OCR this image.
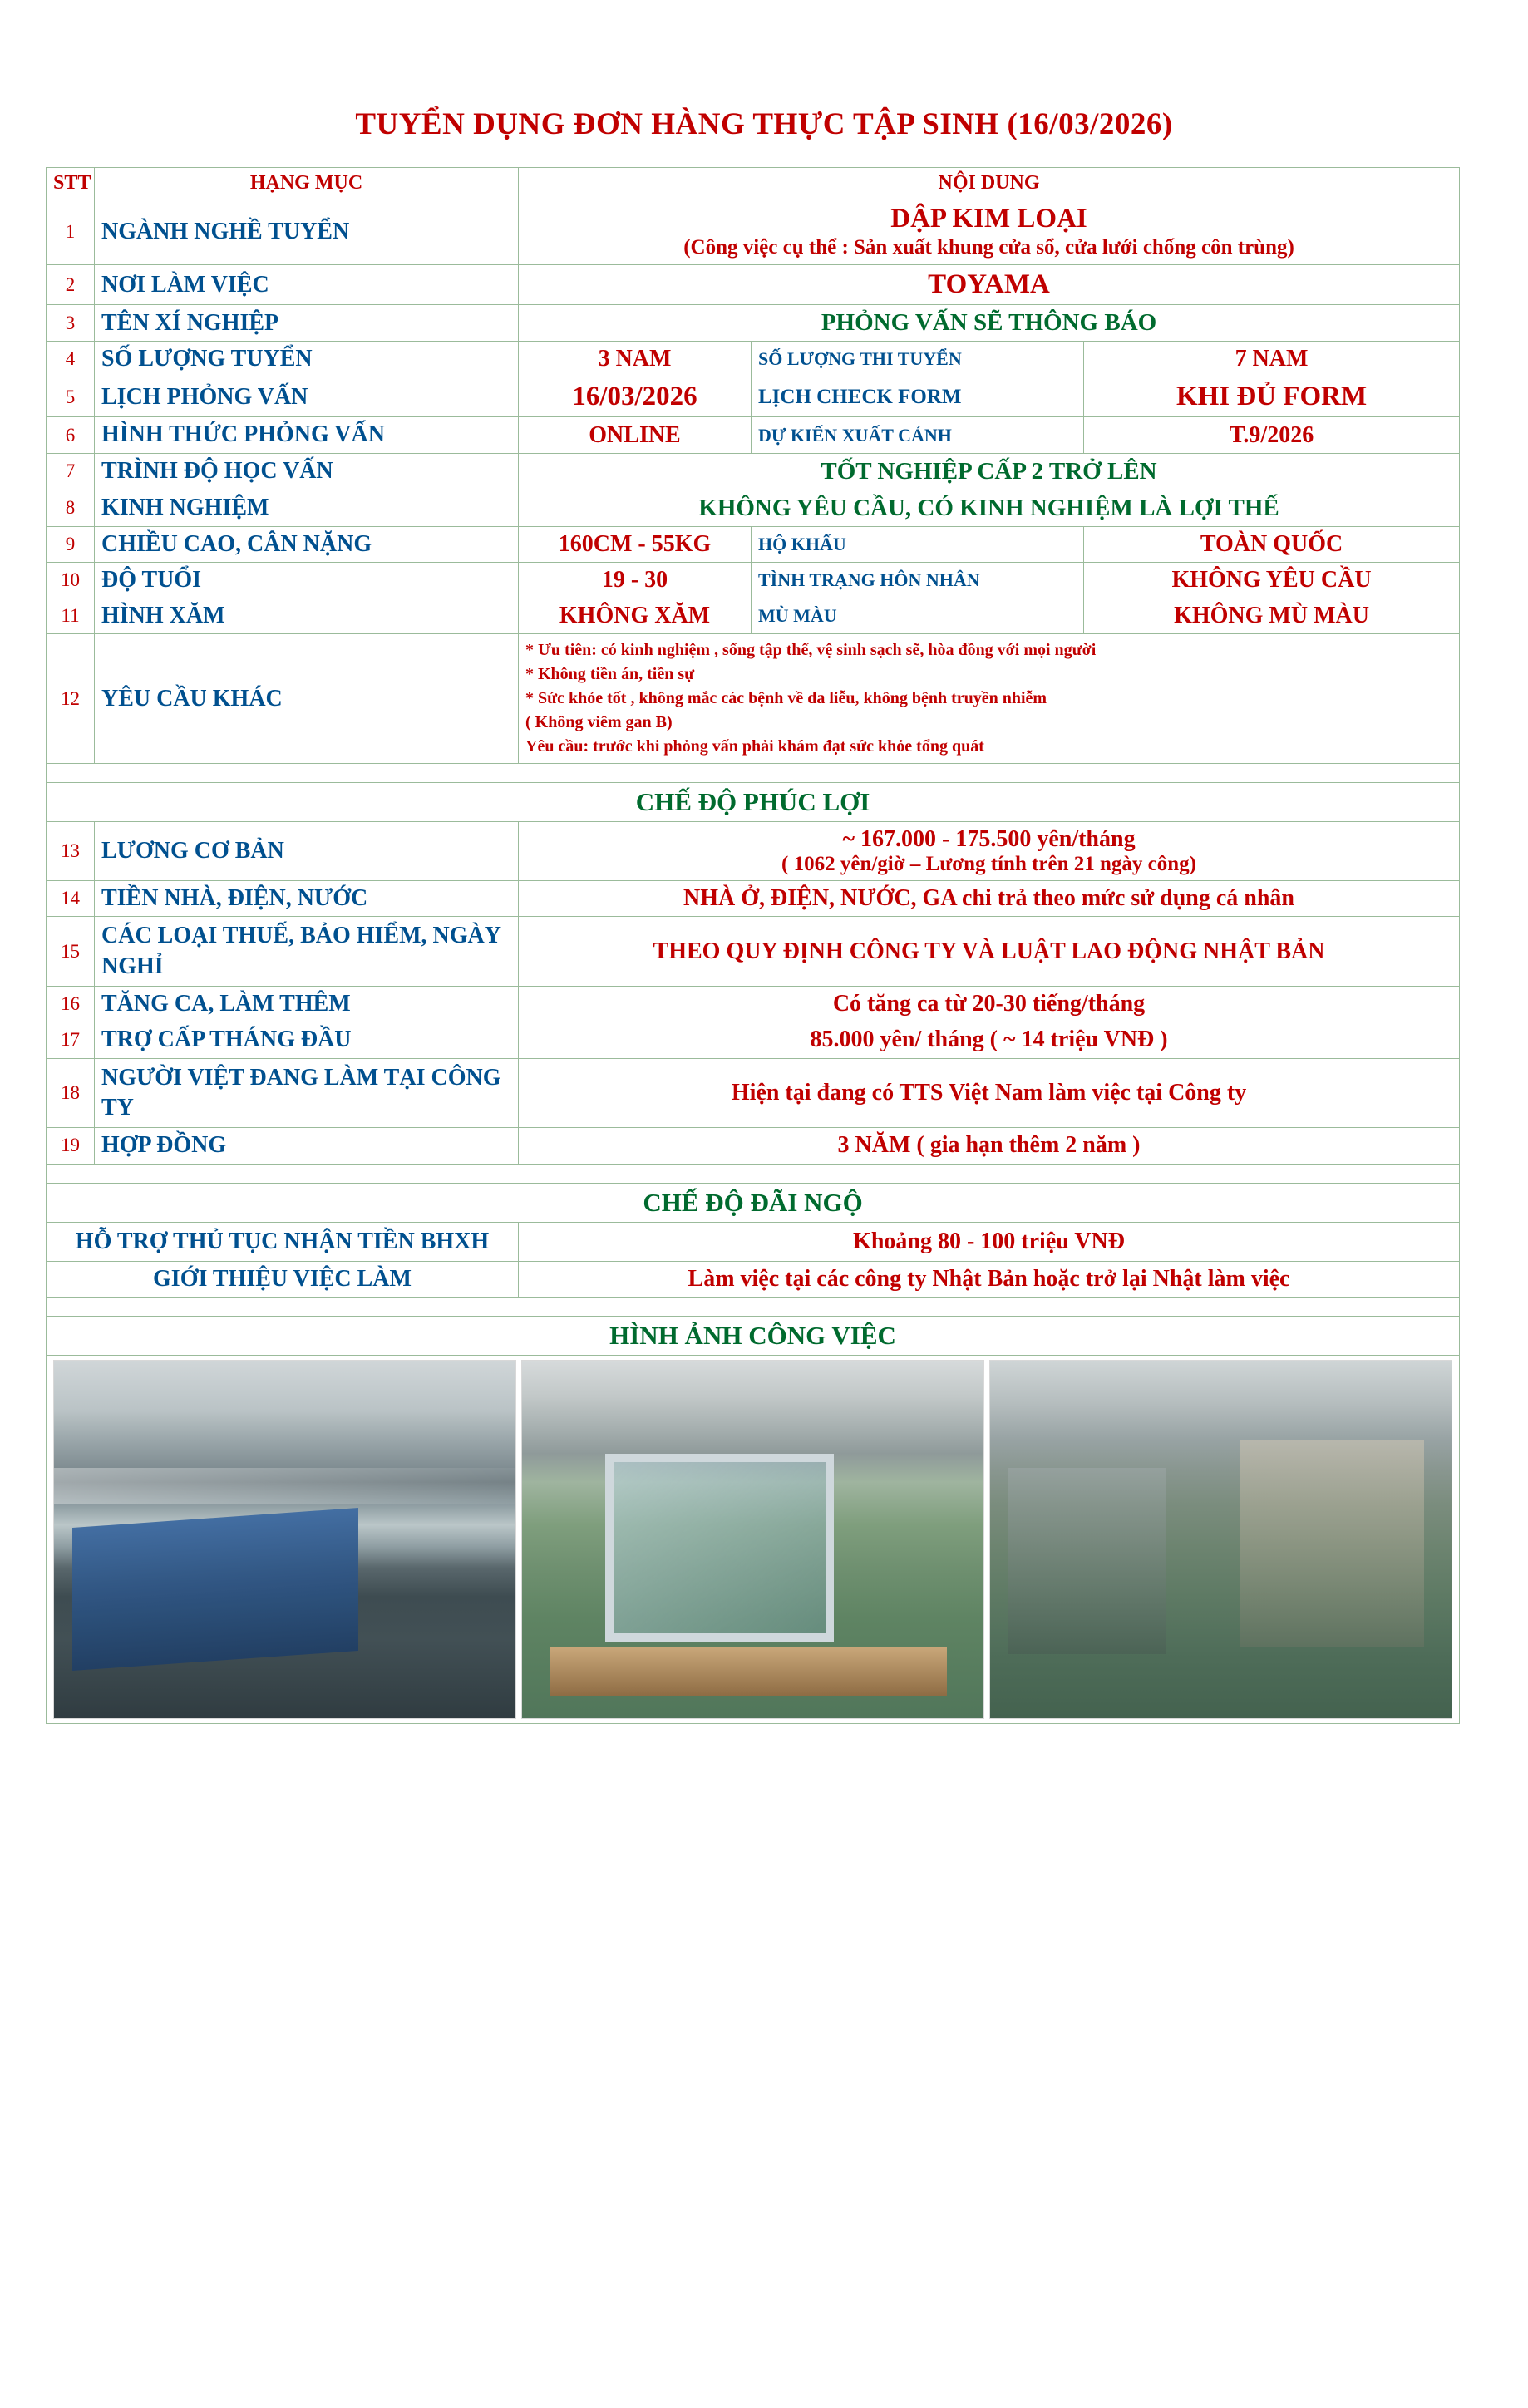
TUYỂN DỤNG ĐƠN HÀNG THỰC TẬP SINH (16/03/2026)
STT	HẠNG MỤC	NỘI DUNG		
1	NGÀNH NGHỀ TUYỂN	DẬP KIM LOẠI
(Công việc cụ thể : Sản xuất khung cửa sổ, cửa lưới chống côn trùng)		

2	NƠI LÀM VIỆC	TOYAMA		
3	TÊN XÍ NGHIỆP	PHỎNG VẤN SẼ THÔNG BÁO		
4	SỐ LƯỢNG TUYỂN	3 NAM	SỐ LƯỢNG THI TUYỂN	7 NAM
5	LỊCH PHỎNG VẤN	16/03/2026	LỊCH CHECK FORM	KHI ĐỦ FORM
6	HÌNH THỨC PHỎNG VẤN	ONLINE	DỰ KIẾN XUẤT CẢNH	T.9/2026
7	TRÌNH ĐỘ HỌC VẤN	TỐT NGHIỆP CẤP 2 TRỞ LÊN		
8	KINH NGHIỆM	KHÔNG YÊU CẦU, CÓ KINH NGHIỆM LÀ LỢI THẾ		
9	CHIỀU CAO, CÂN NẶNG	160CM - 55KG	HỘ KHẨU	TOÀN QUỐC
10	ĐỘ TUỔI	19 - 30	TÌNH TRẠNG HÔN NHÂN	KHÔNG YÊU CẦU
11	HÌNH XĂM	KHÔNG XĂM	MÙ MÀU	KHÔNG MÙ MÀU
12	YÊU CẦU KHÁC	* Ưu tiên: có kinh nghiệm , sống tập thể, vệ sinh sạch sẽ, hòa đồng với mọi người
* Không tiền án, tiền sự
* Sức khỏe tốt , không mắc các bệnh về da liễu, không bệnh truyền nhiễm
( Không viêm gan B)
Yêu cầu: trước khi phỏng vấn phải khám đạt sức khỏe tổng quát		

CHẾ ĐỘ PHÚC LỢI				
13	LƯƠNG CƠ BẢN	~ 167.000 - 175.500 yên/tháng
( 1062 yên/giờ – Lương tính trên 21 ngày công)		

14	TIỀN NHÀ, ĐIỆN, NƯỚC	NHÀ Ở, ĐIỆN, NƯỚC, GA chi trả theo mức sử dụng cá nhân		
15	CÁC LOẠI THUẾ, BẢO HIỂM, NGÀY NGHỈ	THEO QUY ĐỊNH CÔNG TY VÀ LUẬT LAO ĐỘNG NHẬT BẢN		
16	TĂNG CA, LÀM THÊM	Có tăng ca từ 20-30 tiếng/tháng		
17	TRỢ CẤP THÁNG ĐẦU	85.000 yên/ tháng ( ~ 14 triệu VNĐ )		
18	NGƯỜI VIỆT ĐANG LÀM TẠI CÔNG TY	Hiện tại đang có TTS Việt Nam làm việc tại Công ty		
19	HỢP ĐỒNG	3 NĂM ( gia hạn thêm 2 năm )		

CHẾ ĐỘ ĐÃI NGỘ				
HỖ TRỢ THỦ TỤC NHẬN TIỀN BHXH		Khoảng 80 - 100 triệu VNĐ		
GIỚI THIỆU VIỆC LÀM		Làm việc tại các công ty Nhật Bản hoặc trở lại Nhật làm việc		

HÌNH ẢNH CÔNG VIỆC				
